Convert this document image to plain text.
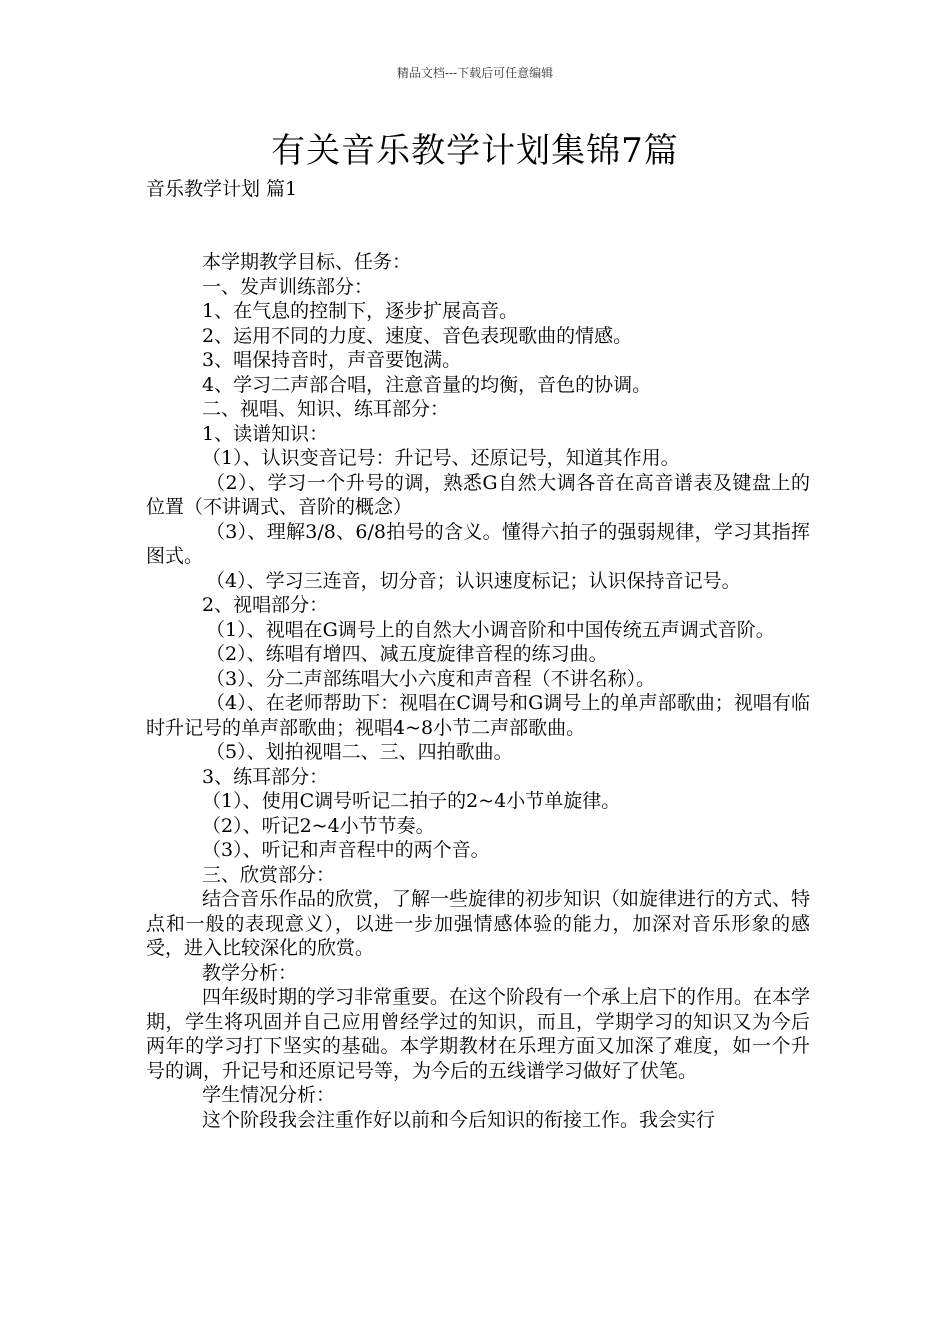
精品文档---下载后可任意编辑
有关音乐教学计划集锦7篇
音乐教学计划 篇1

本学期教学目标、任务：

一、发声训练部分：

1、在气息的控制下，逐步扩展高音。

2、运用不同的力度、速度、音色表现歌曲的情感。

3、唱保持音时，声音要饱满。

4、学习二声部合唱，注意音量的均衡，音色的协调。

二、视唱、知识、练耳部分：

1、读谱知识：

（1）、认识变音记号：升记号、还原记号，知道其作用。

（2）、学习一个升号的调，熟悉G自然大调各音在高音谱表及键盘上的位置（不讲调式、音阶的概念）

（3）、理解3/8、6/8拍号的含义。懂得六拍子的强弱规律，学习其指挥图式。

（4）、学习三连音，切分音；认识速度标记；认识保持音记号。

2、视唱部分：

（1）、视唱在G调号上的自然大小调音阶和中国传统五声调式音阶。

（2）、练唱有增四、减五度旋律音程的练习曲。

（3）、分二声部练唱大小六度和声音程（不讲名称）。

（4）、在老师帮助下：视唱在C调号和G调号上的单声部歌曲；视唱有临时升记号的单声部歌曲；视唱4~8小节二声部歌曲。

（5）、划拍视唱二、三、四拍歌曲。

3、练耳部分：

（1）、使用C调号听记二拍子的2~4小节单旋律。

（2）、听记2~4小节节奏。

（3）、听记和声音程中的两个音。

三、欣赏部分：

结合音乐作品的欣赏，了解一些旋律的初步知识（如旋律进行的方式、特点和一般的表现意义），以进一步加强情感体验的能力，加深对音乐形象的感受，进入比较深化的欣赏。

教学分析：

四年级时期的学习非常重要。在这个阶段有一个承上启下的作用。在本学期，学生将巩固并自己应用曾经学过的知识，而且，学期学习的知识又为今后两年的学习打下坚实的基础。本学期教材在乐理方面又加深了难度，如一个升号的调，升记号和还原记号等，为今后的五线谱学习做好了伏笔。

学生情况分析：

这个阶段我会注重作好以前和今后知识的衔接工作。我会实行
